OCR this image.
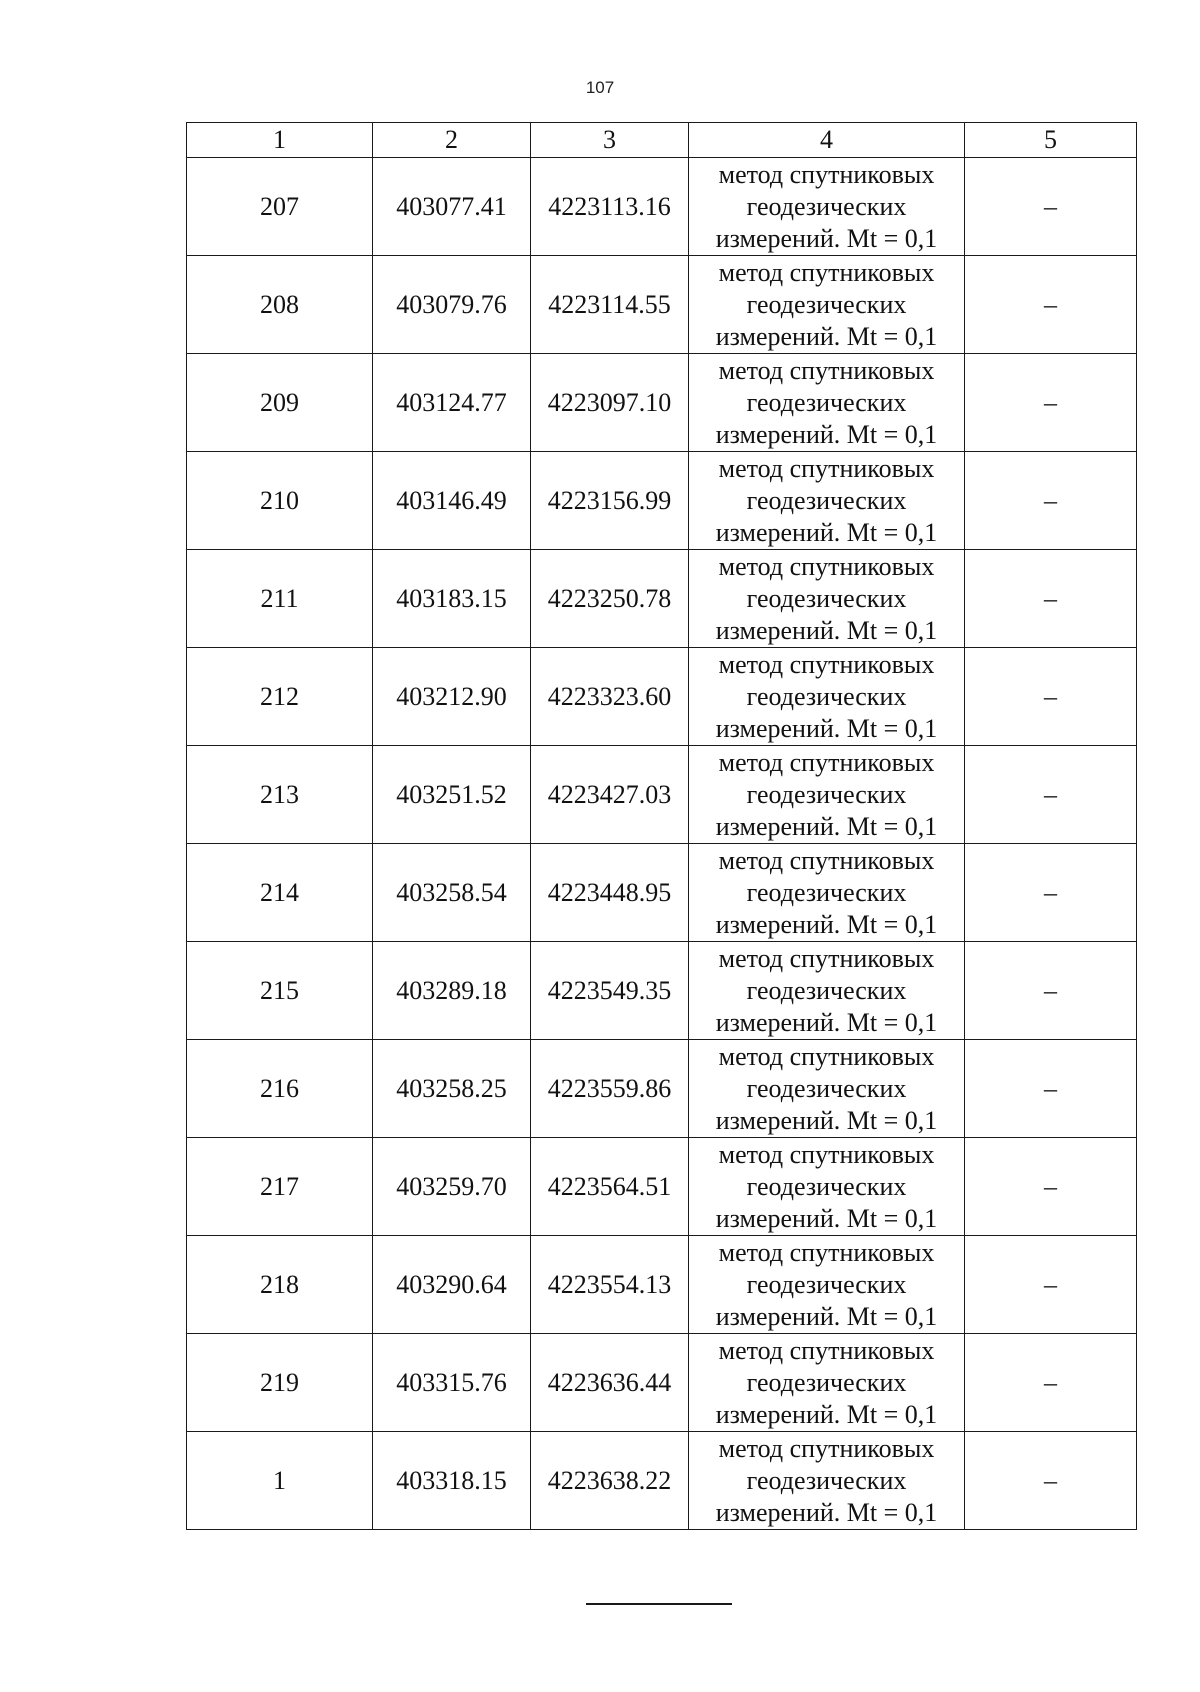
107
1	2	3	4	5
207	403077.41	4223113.16	метод спутниковых геодезических измерений. Mt = 0,1	–
208	403079.76	4223114.55	метод спутниковых геодезических измерений. Mt = 0,1	–
209	403124.77	4223097.10	метод спутниковых геодезических измерений. Mt = 0,1	–
210	403146.49	4223156.99	метод спутниковых геодезических измерений. Mt = 0,1	–
211	403183.15	4223250.78	метод спутниковых геодезических измерений. Mt = 0,1	–
212	403212.90	4223323.60	метод спутниковых геодезических измерений. Mt = 0,1	–
213	403251.52	4223427.03	метод спутниковых геодезических измерений. Mt = 0,1	–
214	403258.54	4223448.95	метод спутниковых геодезических измерений. Mt = 0,1	–
215	403289.18	4223549.35	метод спутниковых геодезических измерений. Mt = 0,1	–
216	403258.25	4223559.86	метод спутниковых геодезических измерений. Mt = 0,1	–
217	403259.70	4223564.51	метод спутниковых геодезических измерений. Mt = 0,1	–
218	403290.64	4223554.13	метод спутниковых геодезических измерений. Mt = 0,1	–
219	403315.76	4223636.44	метод спутниковых геодезических измерений. Mt = 0,1	–
1	403318.15	4223638.22	метод спутниковых геодезических измерений. Mt = 0,1	–
